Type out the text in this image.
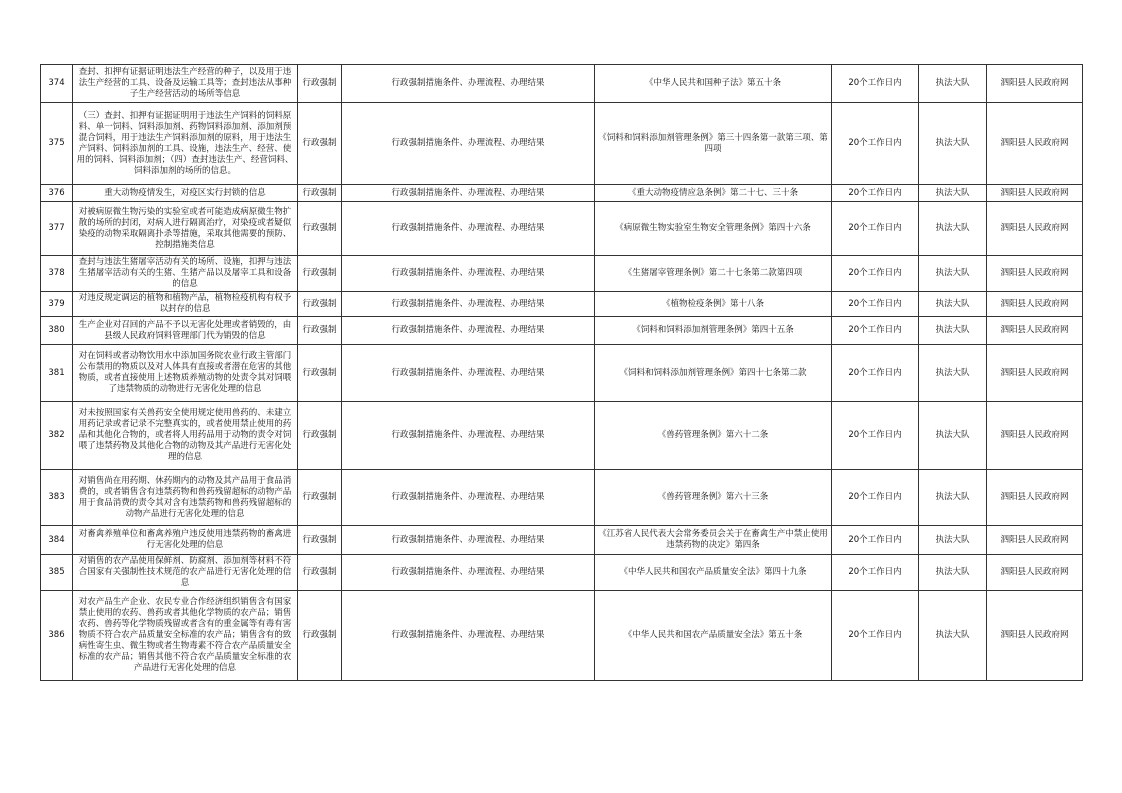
374	查封、扣押有证据证明违法生产经营的种子，以及用于违法生产经营的工具、设备及运输工具等；查封违法从事种子生产经营活动的场所等信息	行政强制	行政强制措施条件、办理流程、办理结果	《中华人民共和国种子法》第五十条	20个工作日内	执法大队	泗阳县人民政府网
375	（三）查封、扣押有证据证明用于违法生产饲料的饲料原料、单一饲料、饲料添加剂、药物饲料添加剂、添加剂预混合饲料，用于违法生产饲料添加剂的原料，用于违法生产饲料、饲料添加剂的工具、设施，违法生产、经营、使用的饲料、饲料添加剂；（四）查封违法生产、经营饲料、饲料添加剂的场所的信息。	行政强制	行政强制措施条件、办理流程、办理结果	《饲料和饲料添加剂管理条例》第三十四条第一款第三项、第四项	20个工作日内	执法大队	泗阳县人民政府网
376	重大动物疫情发生，对疫区实行封锁的信息	行政强制	行政强制措施条件、办理流程、办理结果	《重大动物疫情应急条例》第二十七、三十条	20个工作日内	执法大队	泗阳县人民政府网
377	对被病原微生物污染的实验室或者可能造成病原微生物扩散的场所的封闭，对病人进行隔离治疗，对染疫或者疑似染疫的动物采取隔离扑杀等措施，采取其他需要的预防、控制措施类信息	行政强制	行政强制措施条件、办理流程、办理结果	《病原微生物实验室生物安全管理条例》第四十六条	20个工作日内	执法大队	泗阳县人民政府网
378	查封与违法生猪屠宰活动有关的场所、设施，扣押与违法生猪屠宰活动有关的生猪、生猪产品以及屠宰工具和设备的信息	行政强制	行政强制措施条件、办理流程、办理结果	《生猪屠宰管理条例》第二十七条第二款第四项	20个工作日内	执法大队	泗阳县人民政府网
379	对违反规定调运的植物和植物产品，植物检疫机构有权予以封存的信息	行政强制	行政强制措施条件、办理流程、办理结果	《植物检疫条例》第十八条	20个工作日内	执法大队	泗阳县人民政府网
380	生产企业对召回的产品不予以无害化处理或者销毁的，由县级人民政府饲料管理部门代为销毁的信息	行政强制	行政强制措施条件、办理流程、办理结果	《饲料和饲料添加剂管理条例》第四十五条	20个工作日内	执法大队	泗阳县人民政府网
381	对在饲料或者动物饮用水中添加国务院农业行政主管部门公布禁用的物质以及对人体具有直接或者潜在危害的其他物质，或者直接使用上述物质养殖动物的处责令其对饲喂了违禁物质的动物进行无害化处理的信息	行政强制	行政强制措施条件、办理流程、办理结果	《饲料和饲料添加剂管理条例》第四十七条第二款	20个工作日内	执法大队	泗阳县人民政府网
382	对未按照国家有关兽药安全使用规定使用兽药的、未建立用药记录或者记录不完整真实的，或者使用禁止使用的药品和其他化合物的，或者将人用药品用于动物的责令对饲喂了违禁药物及其他化合物的动物及其产品进行无害化处理的信息	行政强制	行政强制措施条件、办理流程、办理结果	《兽药管理条例》第六十二条	20个工作日内	执法大队	泗阳县人民政府网
383	对销售尚在用药期、休药期内的动物及其产品用于食品消费的，或者销售含有违禁药物和兽药残留超标的动物产品用于食品消费的责令其对含有违禁药物和兽药残留超标的动物产品进行无害化处理的信息	行政强制	行政强制措施条件、办理流程、办理结果	《兽药管理条例》第六十三条	20个工作日内	执法大队	泗阳县人民政府网
384	对畜禽养殖单位和畜禽养殖户违反使用违禁药物的畜禽进行无害化处理的信息	行政强制	行政强制措施条件、办理流程、办理结果	《江苏省人民代表大会常务委员会关于在畜禽生产中禁止使用违禁药物的决定》第四条	20个工作日内	执法大队	泗阳县人民政府网
385	对销售的农产品使用保鲜剂、防腐剂、添加剂等材料不符合国家有关强制性技术规范的农产品进行无害化处理的信息	行政强制	行政强制措施条件、办理流程、办理结果	《中华人民共和国农产品质量安全法》第四十九条	20个工作日内	执法大队	泗阳县人民政府网
386	对农产品生产企业、农民专业合作经济组织销售含有国家禁止使用的农药、兽药或者其他化学物质的农产品；销售农药、兽药等化学物质残留或者含有的重金属等有毒有害物质不符合农产品质量安全标准的农产品；销售含有的致病性寄生虫、微生物或者生物毒素不符合农产品质量安全标准的农产品；销售其他不符合农产品质量安全标准的农产品进行无害化处理的信息	行政强制	行政强制措施条件、办理流程、办理结果	《中华人民共和国农产品质量安全法》第五十条	20个工作日内	执法大队	泗阳县人民政府网
